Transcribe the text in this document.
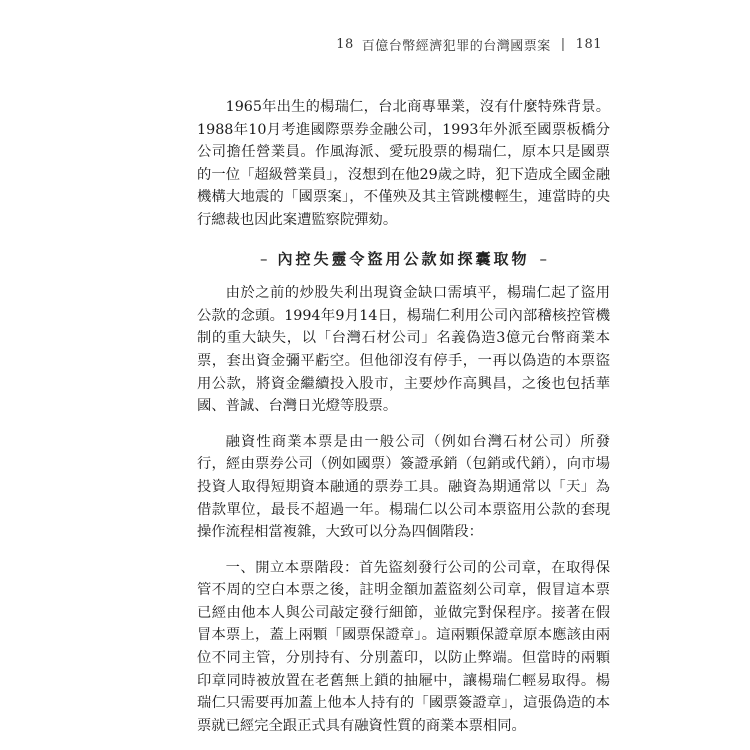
18 百億台幣經濟犯罪的台灣國票案 | 181

1965年出生的楊瑞仁，台北商專畢業，沒有什麼特殊背景。1988年10月考進國際票券金融公司，1993年外派至國票板橋分公司擔任營業員。作風海派、愛玩股票的楊瑞仁，原本只是國票的一位「超級營業員」，沒想到在他29歲之時，犯下造成全國金融機構大地震的「國票案」，不僅殃及其主管跳樓輕生，連當時的央行總裁也因此案遭監察院彈劾。

– 內控失靈令盜用公款如探囊取物 –

由於之前的炒股失利出現資金缺口需填平，楊瑞仁起了盜用公款的念頭。1994年9月14日，楊瑞仁利用公司內部稽核控管機制的重大缺失，以「台灣石材公司」名義偽造3億元台幣商業本票，套出資金彌平虧空。但他卻沒有停手，一再以偽造的本票盜用公款，將資金繼續投入股市，主要炒作高興昌，之後也包括華國、普誠、台灣日光燈等股票。

融資性商業本票是由一般公司（例如台灣石材公司）所發行，經由票券公司（例如國票）簽證承銷（包銷或代銷），向市場投資人取得短期資本融通的票券工具。融資為期通常以「天」為借款單位，最長不超過一年。楊瑞仁以公司本票盜用公款的套現操作流程相當複雜，大致可以分為四個階段：

一、開立本票階段：首先盜刻發行公司的公司章，在取得保管不周的空白本票之後，註明金額加蓋盜刻公司章，假冒這本票已經由他本人與公司敲定發行細節，並做完對保程序。接著在假冒本票上，蓋上兩顆「國票保證章」。這兩顆保證章原本應該由兩位不同主管，分別持有、分別蓋印，以防止弊端。但當時的兩顆印章同時被放置在老舊無上鎖的抽屜中，讓楊瑞仁輕易取得。楊瑞仁只需要再加蓋上他本人持有的「國票簽證章」，這張偽造的本票就已經完全跟正式具有融資性質的商業本票相同。
